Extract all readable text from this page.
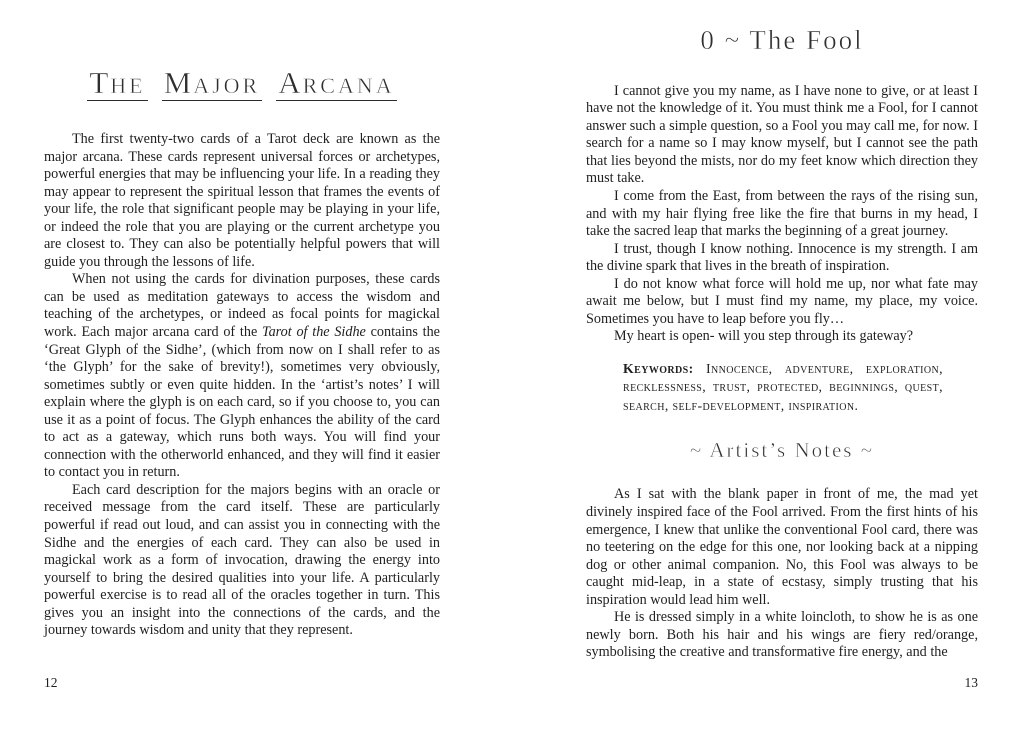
THE MAJOR ARCANA

The first twenty-two cards of a Tarot deck are known as the major arcana. These cards represent universal forces or archetypes, powerful energies that may be influencing your life. In a reading they may appear to represent the spiritual lesson that frames the events of your life, the role that significant people may be playing in your life, or indeed the role that you are playing or the current archetype you are closest to. They can also be potentially helpful powers that will guide you through the lessons of life.

When not using the cards for divination purposes, these cards can be used as meditation gateways to access the wisdom and teaching of the archetypes, or indeed as focal points for magickal work. Each major arcana card of the Tarot of the Sidhe contains the ‘Great Glyph of the Sidhe’, (which from now on I shall refer to as ‘the Glyph’ for the sake of brevity!), sometimes very obviously, sometimes subtly or even quite hidden. In the ‘artist’s notes’ I will explain where the glyph is on each card, so if you choose to, you can use it as a point of focus. The Glyph enhances the ability of the card to act as a gateway, which runs both ways. You will find your connection with the otherworld enhanced, and they will find it easier to contact you in return.

Each card description for the majors begins with an oracle or received message from the card itself. These are particularly powerful if read out loud, and can assist you in connecting with the Sidhe and the energies of each card. They can also be used in magickal work as a form of invocation, drawing the energy into yourself to bring the desired qualities into your life. A particularly powerful exercise is to read all of the oracles together in turn. This gives you an insight into the connections of the cards, and the journey towards wisdom and unity that they represent.

12
0 ~ The Fool

I cannot give you my name, as I have none to give, or at least I have not the knowledge of it. You must think me a Fool, for I cannot answer such a simple question, so a Fool you may call me, for now. I search for a name so I may know myself, but I cannot see the path that lies beyond the mists, nor do my feet know which direction they must take.

I come from the East, from between the rays of the rising sun, and with my hair flying free like the fire that burns in my head, I take the sacred leap that marks the beginning of a great journey.

I trust, though I know nothing. Innocence is my strength. I am the divine spark that lives in the breath of inspiration.

I do not know what force will hold me up, nor what fate may await me below, but I must find my name, my place, my voice. Sometimes you have to leap before you fly…

My heart is open- will you step through its gateway?

Keywords: Innocence, adventure, exploration, recklessness, trust, protected, beginnings, quest, search, self-development, inspiration.

~ Artist’s Notes ~

As I sat with the blank paper in front of me, the mad yet divinely inspired face of the Fool arrived. From the first hints of his emergence, I knew that unlike the conventional Fool card, there was no teetering on the edge for this one, nor looking back at a nipping dog or other animal companion. No, this Fool was always to be caught mid-leap, in a state of ecstasy, simply trusting that his inspiration would lead him well.

He is dressed simply in a white loincloth, to show he is as one newly born. Both his hair and his wings are fiery red/orange, symbolising the creative and transformative fire energy, and the

13
